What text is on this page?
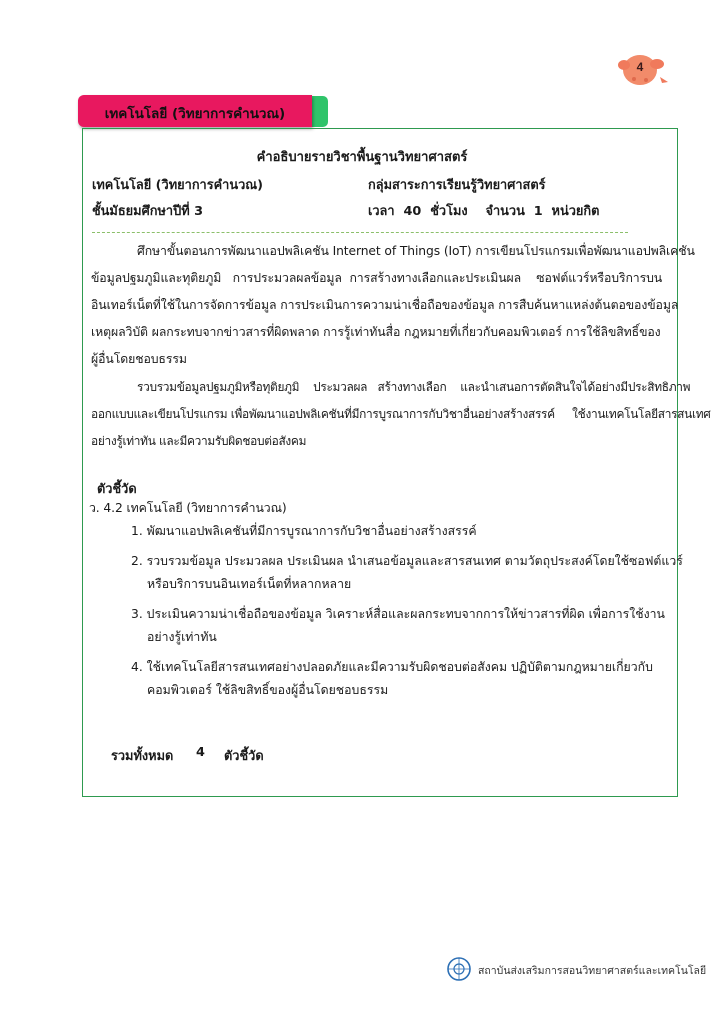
4
เทคโนโลยี (วิทยาการคำนวณ)
คำอธิบายรายวิชาพื้นฐานวิทยาศาสตร์
เทคโนโลยี (วิทยาการคำนวณ)	กลุ่มสาระการเรียนรู้วิทยาศาสตร์
ชั้นมัธยมศึกษาปีที่ 3	เวลา  40  ชั่วโมง    จำนวน  1  หน่วยกิต
ศึกษาขั้นตอนการพัฒนาแอปพลิเคชัน Internet of Things (IoT) การเขียนโปรแกรมเพื่อพัฒนาแอปพลิเคชัน
ข้อมูลปฐมภูมิและทุติยภูมิ   การประมวลผลข้อมูล  การสร้างทางเลือกและประเมินผล    ซอฟต์แวร์หรือบริการบน
อินเทอร์เน็ตที่ใช้ในการจัดการข้อมูล การประเมินการความน่าเชื่อถือของข้อมูล การสืบค้นหาแหล่งต้นตอของข้อมูล
เหตุผลวิบัติ ผลกระทบจากข่าวสารที่ผิดพลาด การรู้เท่าทันสื่อ กฎหมายที่เกี่ยวกับคอมพิวเตอร์ การใช้ลิขสิทธิ์ของ
ผู้อื่นโดยชอบธรรม
รวบรวมข้อมูลปฐมภูมิหรือทุติยภูมิ    ประมวลผล   สร้างทางเลือก    และนำเสนอการตัดสินใจได้อย่างมีประสิทธิภาพ
ออกแบบและเขียนโปรแกรม เพื่อพัฒนาแอปพลิเคชันที่มีการบูรณาการกับวิชาอื่นอย่างสร้างสรรค์     ใช้งานเทคโนโลยีสารสนเทศ
อย่างรู้เท่าทัน และมีความรับผิดชอบต่อสังคม
ตัวชี้วัด
ว. 4.2 เทคโนโลยี (วิทยาการคำนวณ)
1. พัฒนาแอปพลิเคชันที่มีการบูรณาการกับวิชาอื่นอย่างสร้างสรรค์
2. รวบรวมข้อมูล ประมวลผล ประเมินผล นำเสนอข้อมูลและสารสนเทศ ตามวัตถุประสงค์โดยใช้ซอฟต์แวร์
หรือบริการบนอินเทอร์เน็ตที่หลากหลาย
3. ประเมินความน่าเชื่อถือของข้อมูล วิเคราะห์สื่อและผลกระทบจากการให้ข่าวสารที่ผิด เพื่อการใช้งาน
อย่างรู้เท่าทัน
4. ใช้เทคโนโลยีสารสนเทศอย่างปลอดภัยและมีความรับผิดชอบต่อสังคม ปฏิบัติตามกฎหมายเกี่ยวกับ
คอมพิวเตอร์ ใช้ลิขสิทธิ์ของผู้อื่นโดยชอบธรรม
รวมทั้งหมด 4 ตัวชี้วัด
สถาบันส่งเสริมการสอนวิทยาศาสตร์และเทคโนโลยี
